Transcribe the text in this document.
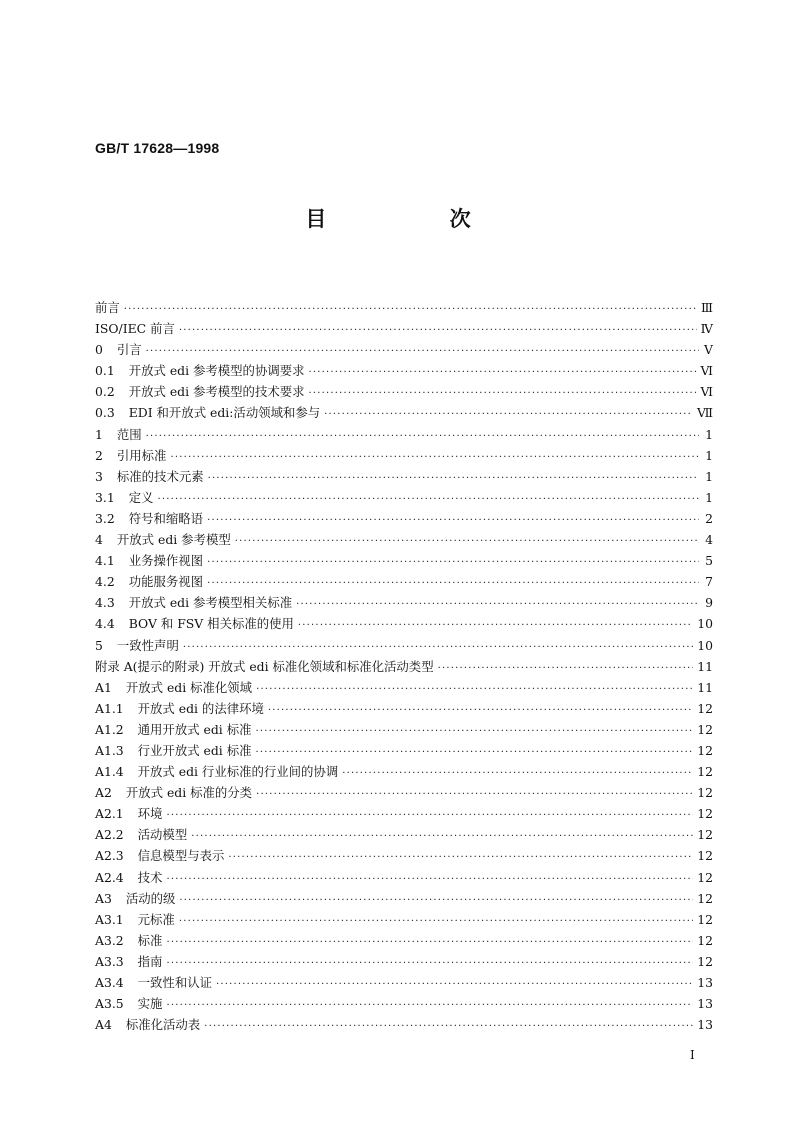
GB/T 17628—1998
目 次
前言 ·····	Ⅲ
ISO/IEC 前言 ·····	Ⅳ
0	引言 ·····	Ⅴ
0.1	开放式 edi 参考模型的协调要求 ·····	Ⅵ
0.2	开放式 edi 参考模型的技术要求 ·····	Ⅵ
0.3	EDI 和开放式 edi:活动领域和参与 ·····	Ⅶ
1	范围 ·····	1
2	引用标准 ·····	1
3	标准的技术元素 ·····	1
3.1	定义 ·····	1
3.2	符号和缩略语 ·····	2
4	开放式 edi 参考模型 ·····	4
4.1	业务操作视图 ·····	5
4.2	功能服务视图 ·····	7
4.3	开放式 edi 参考模型相关标准 ·····	9
4.4	BOV 和 FSV 相关标准的使用 ·····	10
5	一致性声明 ·····	10
附录 A(提示的附录) 开放式 edi 标准化领域和标准化活动类型 ·····	11
A1	开放式 edi 标准化领域 ·····	11
A1.1	开放式 edi 的法律环境 ·····	12
A1.2	通用开放式 edi 标准 ·····	12
A1.3	行业开放式 edi 标准 ·····	12
A1.4	开放式 edi 行业标准的行业间的协调 ·····	12
A2	开放式 edi 标准的分类 ·····	12
A2.1	环境 ·····	12
A2.2	活动模型 ·····	12
A2.3	信息模型与表示 ·····	12
A2.4	技术 ·····	12
A3	活动的级 ·····	12
A3.1	元标准 ·····	12
A3.2	标准 ·····	12
A3.3	指南 ·····	12
A3.4	一致性和认证 ·····	13
A3.5	实施 ·····	13
A4	标准化活动表 ·····	13
I
